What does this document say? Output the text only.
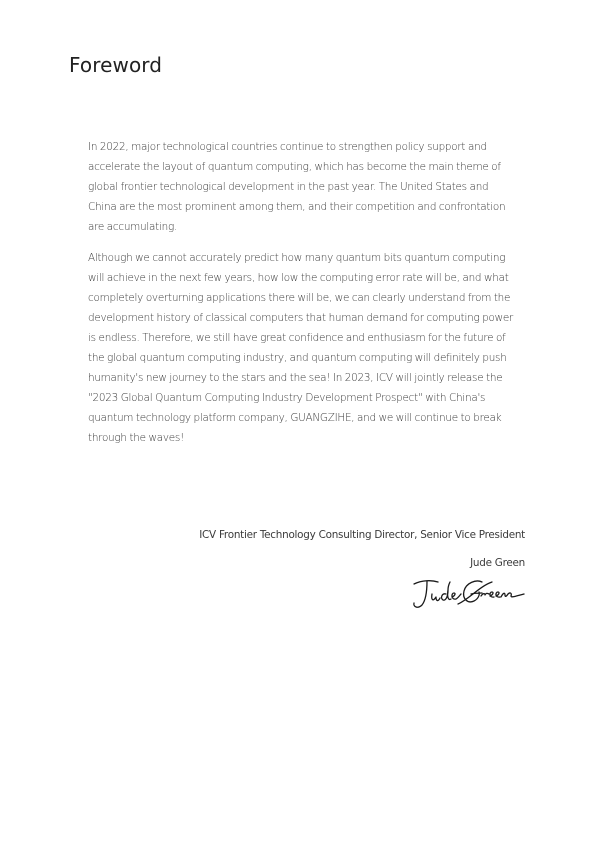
Foreword

In 2022, major technological countries continue to strengthen policy support and accelerate the layout of quantum computing, which has become the main theme of global frontier technological development in the past year. The United States and China are the most prominent among them, and their competition and confrontation are accumulating.

Although we cannot accurately predict how many quantum bits quantum computing will achieve in the next few years, how low the computing error rate will be, and what completely overturning applications there will be, we can clearly understand from the development history of classical computers that human demand for computing power is endless. Therefore, we still have great confidence and enthusiasm for the future of the global quantum computing industry, and quantum computing will definitely push humanity's new journey to the stars and the sea! In 2023, ICV will jointly release the "2023 Global Quantum Computing Industry Development Prospect" with China's quantum technology platform company, GUANGZIHE, and we will continue to break through the waves!

ICV Frontier Technology Consulting Director, Senior Vice President
Jude Green
